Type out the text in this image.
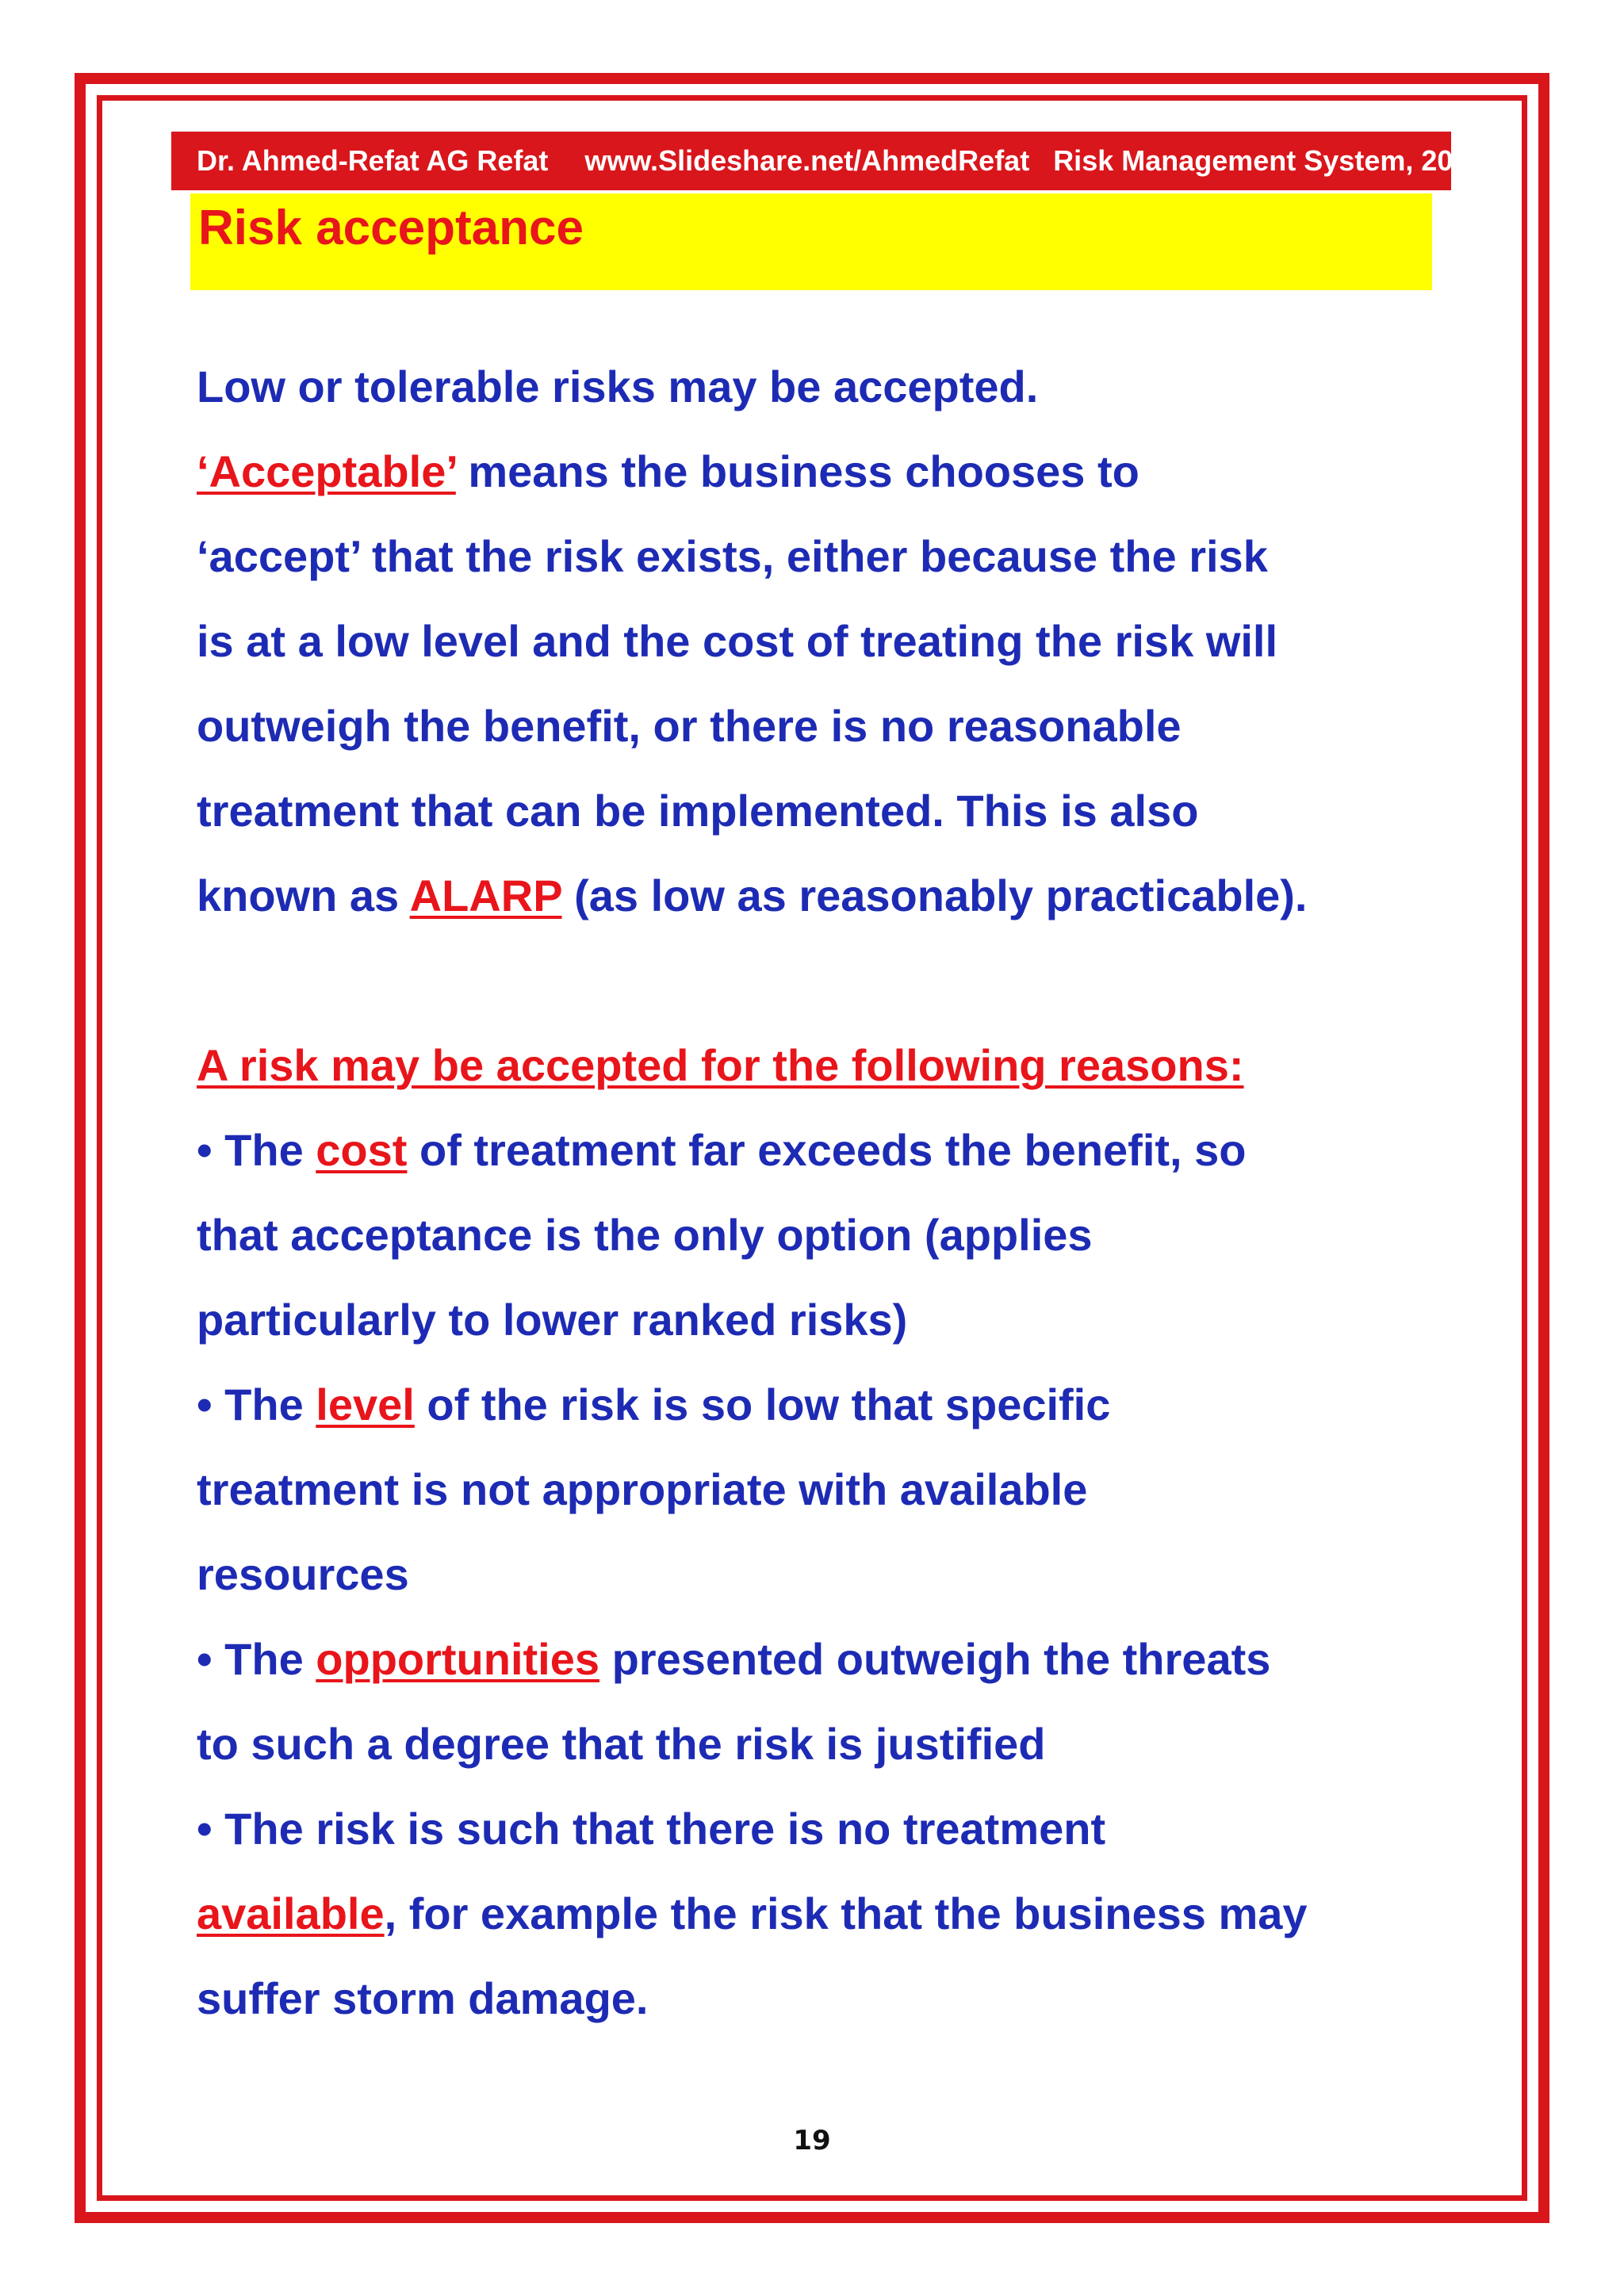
Dr. Ahmed-Refat AG Refat www.Slideshare.net/AhmedRefat Risk Management System, 2012
Risk acceptance
Low or tolerable risks may be accepted.
‘Acceptable’ means the business chooses to
‘accept’ that the risk exists, either because the risk
is at a low level and the cost of treating the risk will
outweigh the benefit, or there is no reasonable
treatment that can be implemented. This is also
known as ALARP (as low as reasonably practicable).
A risk may be accepted for the following reasons:
• The cost of treatment far exceeds the benefit, so
that acceptance is the only option (applies
particularly to lower ranked risks)
• The level of the risk is so low that specific
treatment is not appropriate with available
resources
• The opportunities presented outweigh the threats
to such a degree that the risk is justified
• The risk is such that there is no treatment
available, for example the risk that the business may
suffer storm damage.
19
